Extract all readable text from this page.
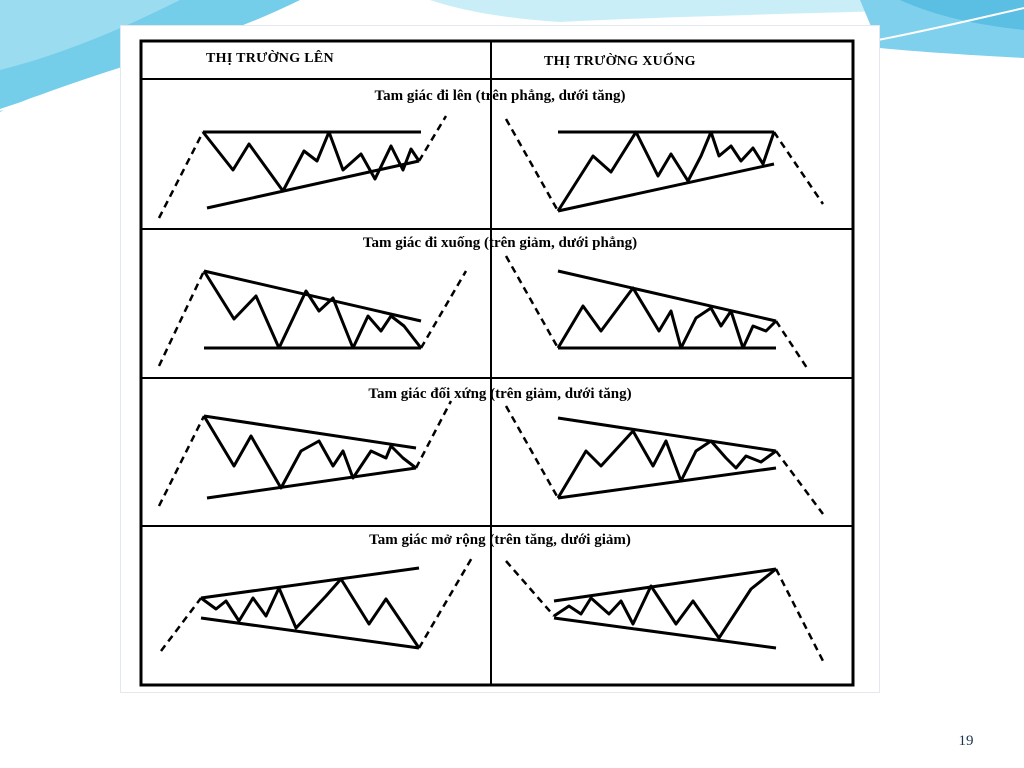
THỊ TRƯỜNG LÊN	THỊ TRƯỜNG XUỐNG
Tam giác đi lên (trên phẳng, dưới tăng)
Tam giác đi xuống (trên giảm, dưới phẳng)
Tam giác đối xứng (trên giảm, dưới tăng)
Tam giác mở rộng (trên tăng, dưới giảm)
19
